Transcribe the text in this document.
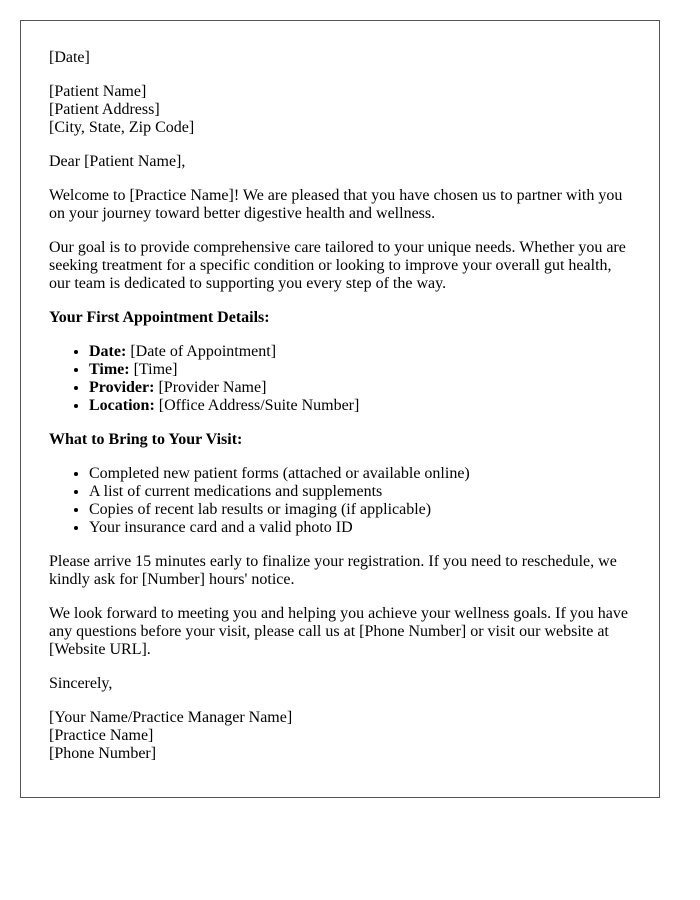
[Date]

[Patient Name]
[Patient Address]
[City, State, Zip Code]

Dear [Patient Name],

Welcome to [Practice Name]! We are pleased that you have chosen us to partner with you on your journey toward better digestive health and wellness.

Our goal is to provide comprehensive care tailored to your unique needs. Whether you are seeking treatment for a specific condition or looking to improve your overall gut health, our team is dedicated to supporting you every step of the way.

Your First Appointment Details:
• Date: [Date of Appointment]
• Time: [Time]
• Provider: [Provider Name]
• Location: [Office Address/Suite Number]
What to Bring to Your Visit:
• Completed new patient forms (attached or available online)
• A list of current medications and supplements
• Copies of recent lab results or imaging (if applicable)
• Your insurance card and a valid photo ID

Please arrive 15 minutes early to finalize your registration. If you need to reschedule, we kindly ask for [Number] hours' notice.

We look forward to meeting you and helping you achieve your wellness goals. If you have any questions before your visit, please call us at [Phone Number] or visit our website at [Website URL].

Sincerely,

[Your Name/Practice Manager Name]
[Practice Name]
[Phone Number]
